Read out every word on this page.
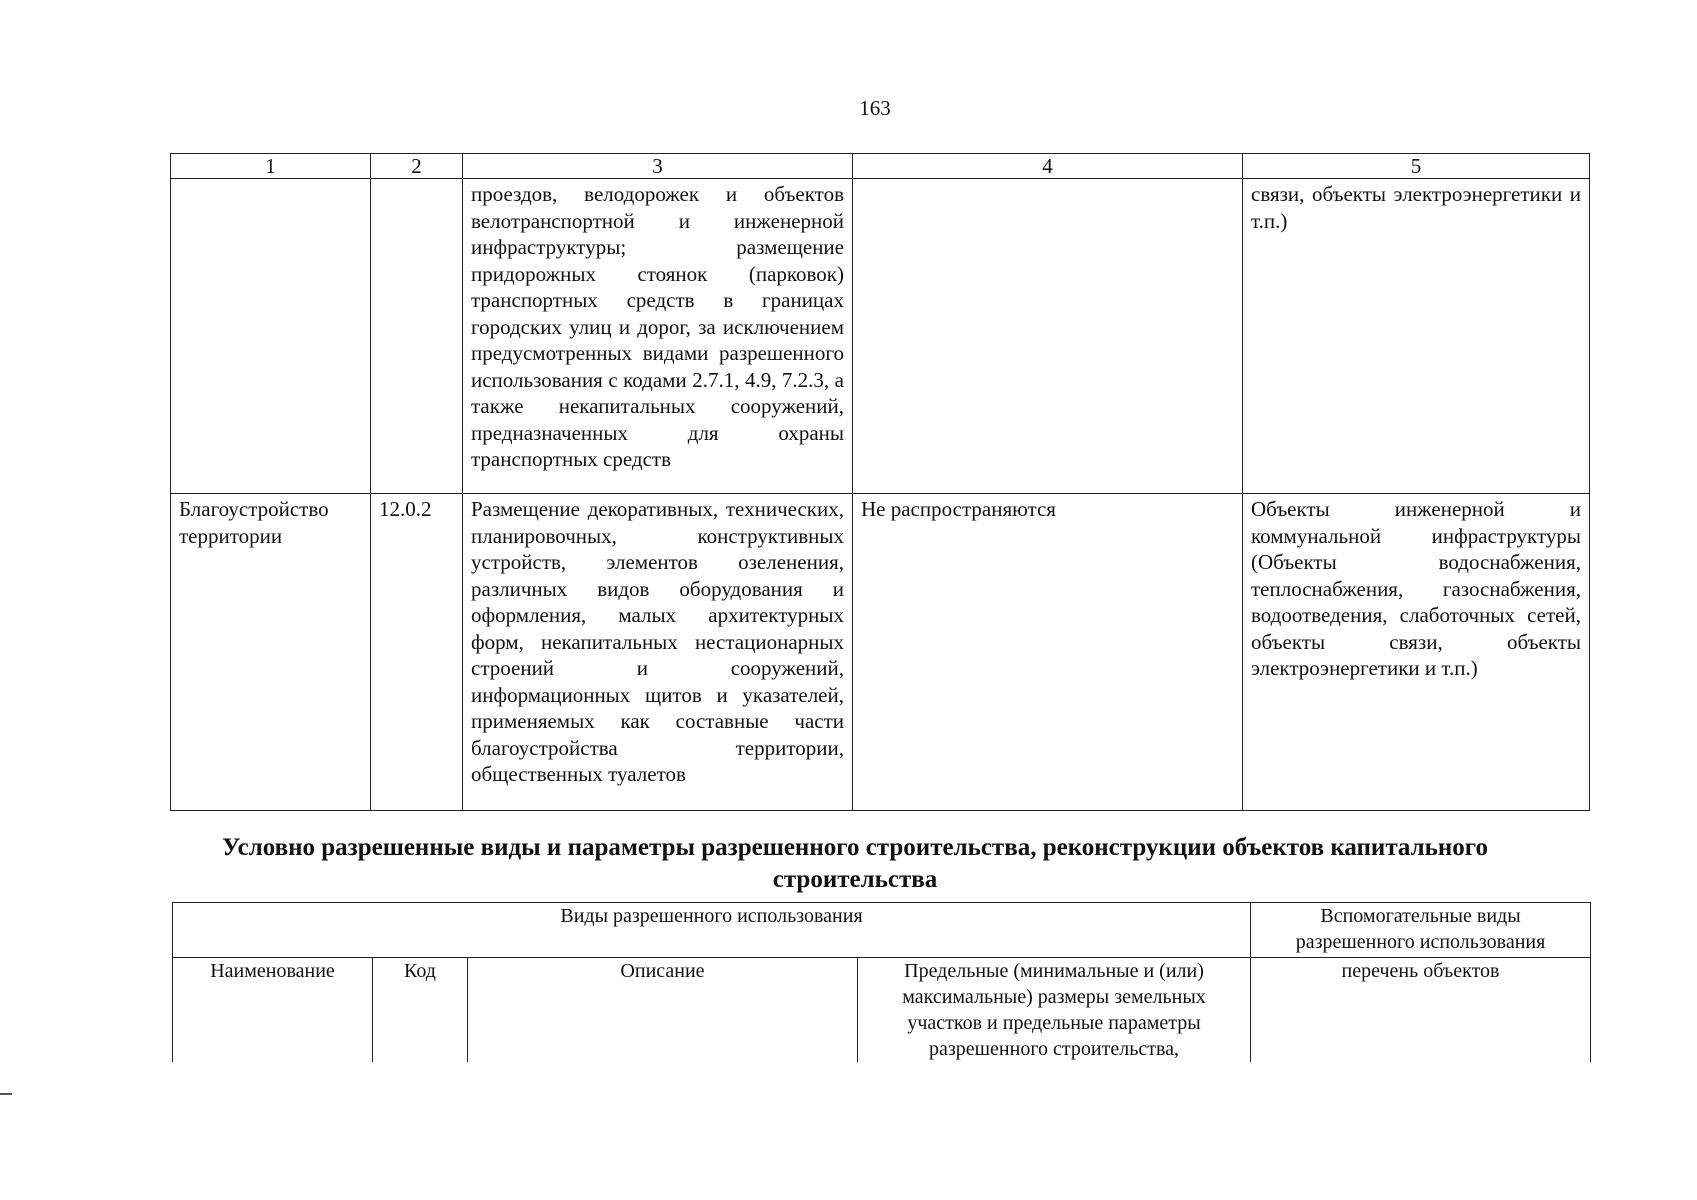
163
1	2	3	4	5
		проездов, велодорожек и объектов велотранспортной и инженерной инфраструктуры; размещение придорожных стоянок (парковок) транспортных средств в границах городских улиц и дорог, за исключением предусмотренных видами разрешенного использования с кодами 2.7.1, 4.9, 7.2.3, а также некапитальных сооружений, предназначенных для охраны транспортных средств		связи, объекты электроэнергетики и т.п.)
Благоустройство территории	12.0.2	Размещение декоративных, технических, планировочных, конструктивных устройств, элементов озеленения, различных видов оборудования и оформления, малых архитектурных форм, некапитальных нестационарных строений и сооружений, информационных щитов и указателей, применяемых как составные части благоустройства территории, общественных туалетов	Не распространяются	Объекты инженерной и коммунальной инфраструктуры (Объекты водоснабжения, теплоснабжения, газоснабжения, водоотведения, слаботочных сетей, объекты связи, объекты электроэнергетики и т.п.)
Условно разрешенные виды и параметры разрешенного строительства, реконструкции объектов капитального строительства
Виды разрешенного использования				Вспомогательные виды разрешенного использования
Наименование	Код	Описание	Предельные (минимальные и (или) максимальные) размеры земельных участков и предельные параметры разрешенного строительства,	перечень объектов
